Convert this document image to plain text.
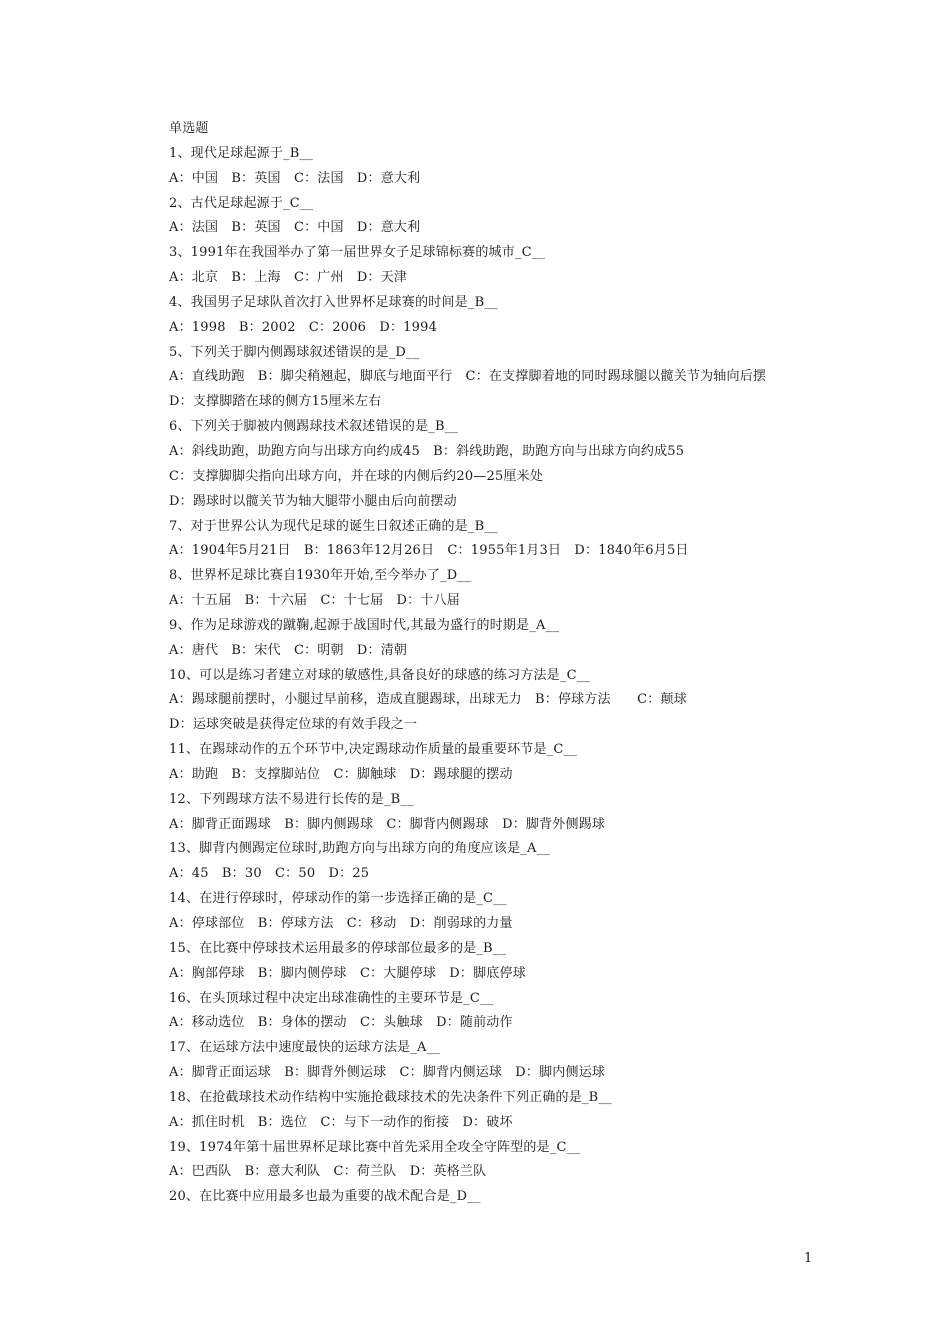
单选题
1、现代足球起源于_B__
A：中国　B：英国　C：法国　D：意大利
2、古代足球起源于_C__
A：法国　B：英国　C：中国　D：意大利
3、1991年在我国举办了第一届世界女子足球锦标赛的城市_C__
A：北京　B：上海　C：广州　D：天津
4、我国男子足球队首次打入世界杯足球赛的时间是_B__
A：1998　B：2002　C：2006　D：1994
5、下列关于脚内侧踢球叙述错误的是_D__
A：直线助跑　B：脚尖稍翘起，脚底与地面平行　C：在支撑脚着地的同时踢球腿以髋关节为轴向后摆
D：支撑脚踏在球的侧方15厘米左右
6、下列关于脚被内侧踢球技术叙述错误的是_B__
A：斜线助跑，助跑方向与出球方向约成45　B：斜线助跑，助跑方向与出球方向约成55
C：支撑脚脚尖指向出球方向，并在球的内侧后约20—25厘米处
D：踢球时以髋关节为轴大腿带小腿由后向前摆动
7、对于世界公认为现代足球的诞生日叙述正确的是_B__
A：1904年5月21日　B：1863年12月26日　C：1955年1月3日　D：1840年6月5日
8、世界杯足球比赛自1930年开始,至今举办了_D__
A：十五届　B：十六届　C：十七届　D：十八届
9、作为足球游戏的蹴鞠,起源于战国时代,其最为盛行的时期是_A__
A：唐代　B：宋代　C：明朝　D：清朝
10、可以是练习者建立对球的敏感性,具备良好的球感的练习方法是_C__
A：踢球腿前摆时，小腿过早前移，造成直腿踢球，出球无力　B：停球方法　　C：颠球
D：运球突破是获得定位球的有效手段之一
11、在踢球动作的五个环节中,决定踢球动作质量的最重要环节是_C__
A：助跑　B：支撑脚站位　C：脚触球　D：踢球腿的摆动
12、下列踢球方法不易进行长传的是_B__
A：脚背正面踢球　B：脚内侧踢球　C：脚背内侧踢球　D：脚背外侧踢球
13、脚背内侧踢定位球时,助跑方向与出球方向的角度应该是_A__
A：45　B：30　C：50　D：25
14、在进行停球时，停球动作的第一步选择正确的是_C__
A：停球部位　B：停球方法　C：移动　D：削弱球的力量
15、在比赛中停球技术运用最多的停球部位最多的是_B__
A：胸部停球　B：脚内侧停球　C：大腿停球　D：脚底停球
16、在头顶球过程中决定出球准确性的主要环节是_C__
A：移动选位　B：身体的摆动　C：头触球　D：随前动作
17、在运球方法中速度最快的运球方法是_A__
A：脚背正面运球　B：脚背外侧运球　C：脚背内侧运球　D：脚内侧运球
18、在抢截球技术动作结构中实施抢截球技术的先决条件下列正确的是_B__
A：抓住时机　B：选位　C：与下一动作的衔接　D：破坏
19、1974年第十届世界杯足球比赛中首先采用全攻全守阵型的是_C__
A：巴西队　B：意大利队　C：荷兰队　D：英格兰队
20、在比赛中应用最多也最为重要的战术配合是_D__
1
